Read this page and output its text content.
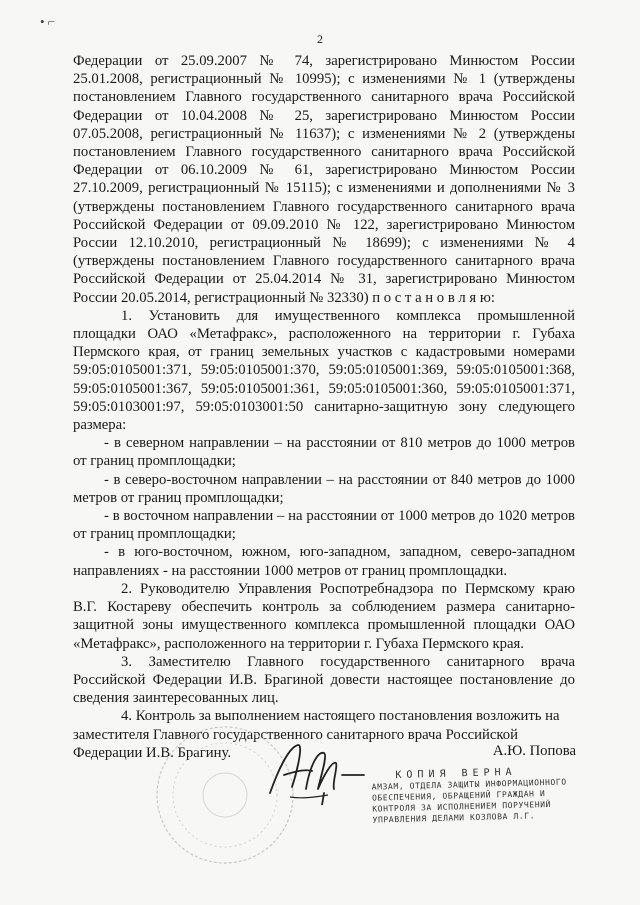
2
• ⌐

Федерации от 25.09.2007 № 74, зарегистрировано Минюстом России 25.01.2008, регистрационный № 10995); с изменениями № 1 (утверждены постановлением Главного государственного санитарного врача Российской Федерации от 10.04.2008 № 25, зарегистрировано Минюстом России 07.05.2008, регистрационный № 11637); с изменениями № 2 (утверждены постановлением Главного государственного санитарного врача Российской Федерации от 06.10.2009 № 61, зарегистрировано Минюстом России 27.10.2009, регистрационный № 15115); с изменениями и дополнениями № 3 (утверждены постановлением Главного государственного санитарного врача Российской Федерации от 09.09.2010 № 122, зарегистрировано Минюстом России 12.10.2010, регистрационный № 18699); с изменениями № 4 (утверждены постановлением Главного государственного санитарного врача Российской Федерации от 25.04.2014 № 31, зарегистрировано Минюстом России 20.05.2014, регистрационный № 32330) п о с т а н о в л я ю:

1. Установить для имущественного комплекса промышленной площадки ОАО «Метафракс», расположенного на территории г. Губаха Пермского края, от границ земельных участков с кадастровыми номерами 59:05:0105001:371, 59:05:0105001:370, 59:05:0105001:369, 59:05:0105001:368, 59:05:0105001:367, 59:05:0105001:361, 59:05:0105001:360, 59:05:0105001:371, 59:05:0103001:97, 59:05:0103001:50 санитарно-защитную зону следующего размера:

- в северном направлении – на расстоянии от 810 метров до 1000 метров от границ промплощадки;

- в северо-восточном направлении – на расстоянии от 840 метров до 1000 метров от границ промплощадки;

- в восточном направлении – на расстоянии от 1000 метров до 1020 метров от границ промплощадки;

- в юго-восточном, южном, юго-западном, западном, северо-западном направлениях - на расстоянии 1000 метров от границ промплощадки.

2. Руководителю Управления Роспотребнадзора по Пермскому краю В.Г. Костареву обеспечить контроль за соблюдением размера санитарно-защитной зоны имущественного комплекса промышленной площадки ОАО «Метафракс», расположенного на территории г. Губаха Пермского края.

3. Заместителю Главного государственного санитарного врача Российской Федерации И.В. Брагиной довести настоящее постановление до сведения заинтересованных лиц.

4. Контроль за выполнением настоящего постановления возложить на заместителя Главного государственного санитарного врача Российской Федерации И.В. Брагину.	А.Ю. Попова
КОПИЯ ВЕРНА
АМЗАМ, ОТДЕЛА ЗАЩИТЫ ИНФОРМАЦИОННОГО
ОБЕСПЕЧЕНИЯ, ОБРАЩЕНИЙ ГРАЖДАН И
КОНТРОЛЯ ЗА ИСПОЛНЕНИЕМ ПОРУЧЕНИЙ
УПРАВЛЕНИЯ ДЕЛАМИ КОЗЛОВА Л.Г.
